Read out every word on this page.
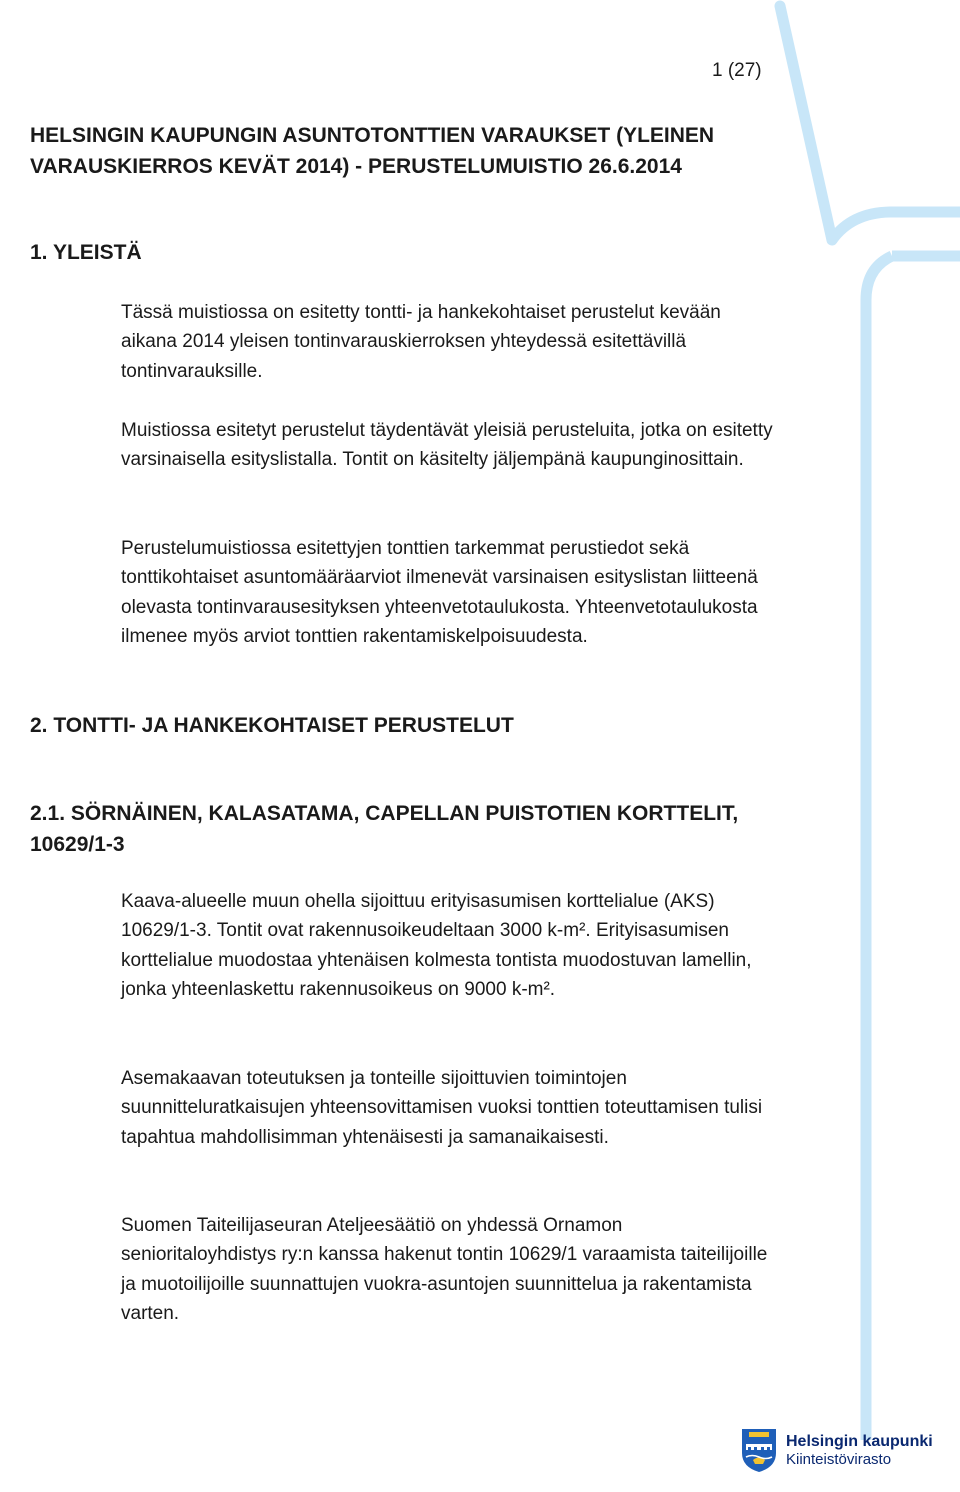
1 (27)
HELSINGIN KAUPUNGIN ASUNTOTONTTIEN VARAUKSET (YLEINEN
VARAUSKIERROS KEVÄT 2014) - PERUSTELUMUISTIO 26.6.2014
1. YLEISTÄ

Tässä muistiossa on esitetty tontti- ja hankekohtaiset perustelut kevään aikana 2014 yleisen tontinvarauskierroksen yhteydessä esitettävillä tontinvarauksille.

Muistiossa esitetyt perustelut täydentävät yleisiä perusteluita, jotka on esitetty varsinaisella esityslistalla. Tontit on käsitelty jäljempänä kaupunginosittain.

Perustelumuistiossa esitettyjen tonttien tarkemmat perustiedot sekä tonttikohtaiset asuntomääräarviot ilmenevät varsinaisen esityslistan liitteenä olevasta tontinvarausesityksen yhteenvetotaulukosta. Yhteenvetotaulukosta ilmenee myös arviot tonttien rakentamiskelpoisuudesta.

2. TONTTI- JA HANKEKOHTAISET PERUSTELUT
2.1. SÖRNÄINEN, KALASATAMA, CAPELLAN PUISTOTIEN KORTTELIT, 10629/1-3

Kaava-alueelle muun ohella sijoittuu erityisasumisen korttelialue (AKS) 10629/1-3. Tontit ovat rakennusoikeudeltaan 3000 k-m². Erityisasumisen korttelialue muodostaa yhtenäisen kolmesta tontista muodostuvan lamellin, jonka yhteenlaskettu rakennusoikeus on 9000 k-m².

Asemakaavan toteutuksen ja tonteille sijoittuvien toimintojen suunnitteluratkaisujen yhteensovittamisen vuoksi tonttien toteuttamisen tulisi tapahtua mahdollisimman yhtenäisesti ja samanaikaisesti.

Suomen Taiteilijaseuran Ateljeesäätiö on yhdessä Ornamon senioritaloyhdistys ry:n kanssa hakenut tontin 10629/1 varaamista taiteilijoille ja muotoilijoille suunnattujen vuokra-asuntojen suunnittelua ja rakentamista varten.

Helsingin kaupunki
Kiinteistövirasto
